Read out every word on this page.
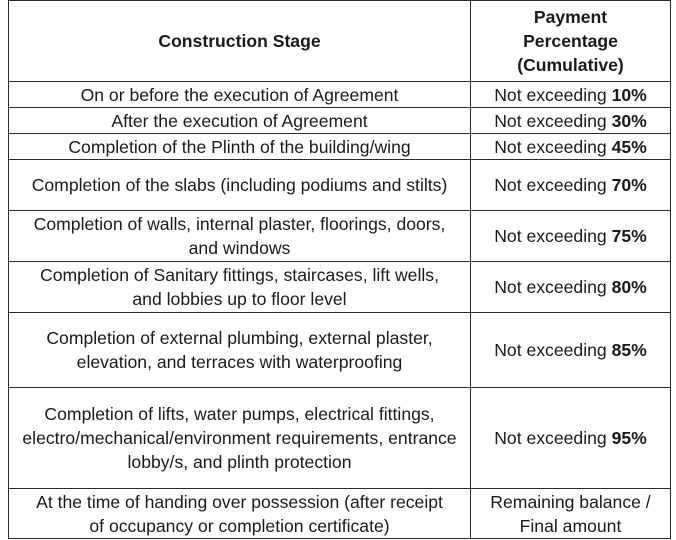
Construction Stage	Payment Percentage (Cumulative)
On or before the execution of Agreement	Not exceeding 10%
After the execution of Agreement	Not exceeding 30%
Completion of the Plinth of the building/wing	Not exceeding 45%
Completion of the slabs (including podiums and stilts)	Not exceeding 70%
Completion of walls, internal plaster, floorings, doors, and windows	Not exceeding 75%
Completion of Sanitary fittings, staircases, lift wells, and lobbies up to floor level	Not exceeding 80%
Completion of external plumbing, external plaster, elevation, and terraces with waterproofing	Not exceeding 85%
Completion of lifts, water pumps, electrical fittings, electro/mechanical/environment requirements, entrance lobby/s, and plinth protection	Not exceeding 95%
At the time of handing over possession (after receipt of occupancy or completion certificate)	Remaining balance / Final amount
